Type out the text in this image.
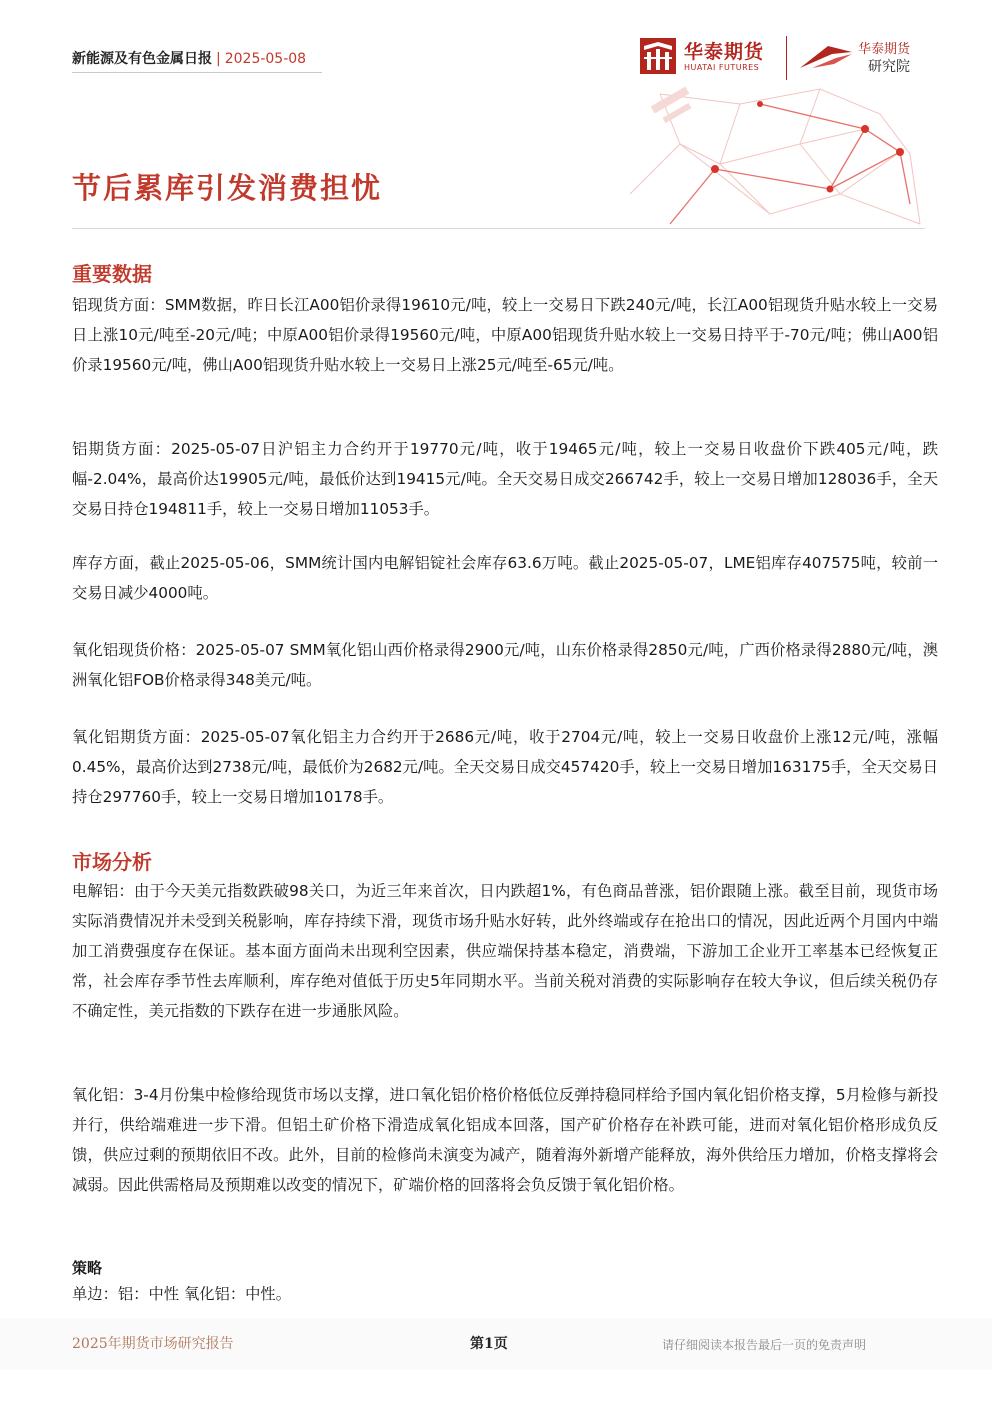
新能源及有色金属日报 | 2025-05-08	华泰期货
HUATAI FUTURES
华泰期货
研究院
节后累库引发消费担忧
重要数据

铝现货方面：SMM数据，昨日长江A00铝价录得19610元/吨，较上一交易日下跌240元/吨，长江A00铝现货升贴水较上一交易日上涨10元/吨至-20元/吨；中原A00铝价录得19560元/吨，中原A00铝现货升贴水较上一交易日持平于-70元/吨；佛山A00铝价录19560元/吨，佛山A00铝现货升贴水较上一交易日上涨25元/吨至-65元/吨。

铝期货方面：2025-05-07日沪铝主力合约开于19770元/吨，收于19465元/吨，较上一交易日收盘价下跌405元/吨，跌幅-2.04%，最高价达19905元/吨，最低价达到19415元/吨。全天交易日成交266742手，较上一交易日增加128036手，全天交易日持仓194811手，较上一交易日增加11053手。

库存方面，截止2025-05-06，SMM统计国内电解铝锭社会库存63.6万吨。截止2025-05-07，LME铝库存407575吨，较前一交易日减少4000吨。

氧化铝现货价格：2025-05-07 SMM氧化铝山西价格录得2900元/吨，山东价格录得2850元/吨，广西价格录得2880元/吨，澳洲氧化铝FOB价格录得348美元/吨。

氧化铝期货方面：2025-05-07氧化铝主力合约开于2686元/吨，收于2704元/吨，较上一交易日收盘价上涨12元/吨，涨幅0.45%，最高价达到2738元/吨，最低价为2682元/吨。全天交易日成交457420手，较上一交易日增加163175手，全天交易日持仓297760手，较上一交易日增加10178手。

市场分析

电解铝：由于今天美元指数跌破98关口，为近三年来首次，日内跌超1%，有色商品普涨，铝价跟随上涨。截至目前，现货市场实际消费情况并未受到关税影响，库存持续下滑，现货市场升贴水好转，此外终端或存在抢出口的情况，因此近两个月国内中端加工消费强度存在保证。基本面方面尚未出现利空因素，供应端保持基本稳定，消费端，下游加工企业开工率基本已经恢复正常，社会库存季节性去库顺利，库存绝对值低于历史5年同期水平。当前关税对消费的实际影响存在较大争议，但后续关税仍存不确定性，美元指数的下跌存在进一步通胀风险。

氧化铝：3-4月份集中检修给现货市场以支撑，进口氧化铝价格价格低位反弹持稳同样给予国内氧化铝价格支撑，5月检修与新投并行，供给端难进一步下滑。但铝土矿价格下滑造成氧化铝成本回落，国产矿价格存在补跌可能，进而对氧化铝价格形成负反馈，供应过剩的预期依旧不改。此外，目前的检修尚未演变为减产，随着海外新增产能释放，海外供给压力增加，价格支撑将会减弱。因此供需格局及预期难以改变的情况下，矿端价格的回落将会负反馈于氧化铝价格。

策略
单边：铝：中性 氧化铝：中性。
2025年期货市场研究报告	第1页	请仔细阅读本报告最后一页的免责声明
